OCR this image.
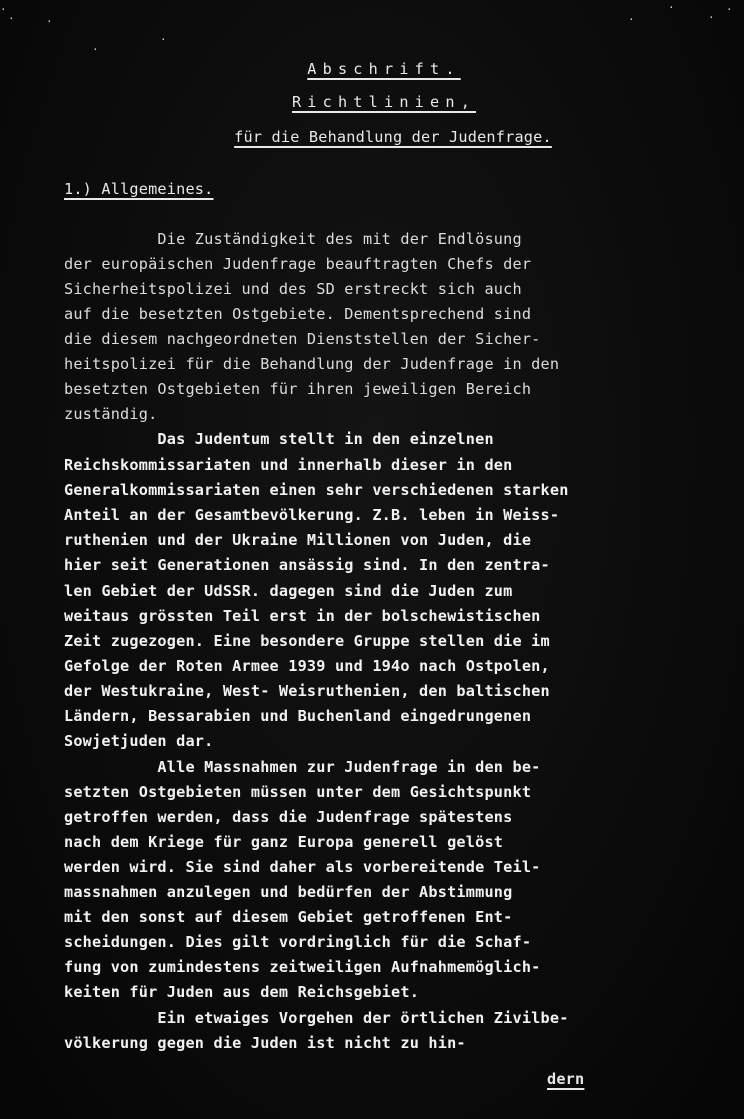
·
·	·
·
·
·
·
·
·
Abschrift.
Richtlinien,
für die Behandlung der Judenfrage.
1.) Allgemeines.
Die Zuständigkeit des mit der Endlösung
der europäischen Judenfrage beauftragten Chefs der
Sicherheitspolizei und des SD erstreckt sich auch
auf die besetzten Ostgebiete. Dementsprechend sind
die diesem nachgeordneten Dienststellen der Sicher-
heitspolizei für die Behandlung der Judenfrage in den
besetzten Ostgebieten für ihren jeweiligen Bereich
zuständig.
Das Judentum stellt in den einzelnen
Reichskommissariaten und innerhalb dieser in den
Generalkommissariaten einen sehr verschiedenen starken
Anteil an der Gesamtbevölkerung. Z.B. leben in Weiss-
ruthenien und der Ukraine Millionen von Juden, die
hier seit Generationen ansässig sind. In den zentra-
len Gebiet der UdSSR. dagegen sind die Juden zum
weitaus grössten Teil erst in der bolschewistischen
Zeit zugezogen. Eine besondere Gruppe stellen die im
Gefolge der Roten Armee 1939 und 194o nach Ostpolen,
der Westukraine, West- Weisruthenien, den baltischen
Ländern, Bessarabien und Buchenland eingedrungenen
Sowjetjuden dar.
Alle Massnahmen zur Judenfrage in den be-
setzten Ostgebieten müssen unter dem Gesichtspunkt
getroffen werden, dass die Judenfrage spätestens
nach dem Kriege für ganz Europa generell gelöst
werden wird. Sie sind daher als vorbereitende Teil-
massnahmen anzulegen und bedürfen der Abstimmung
mit den sonst auf diesem Gebiet getroffenen Ent-
scheidungen. Dies gilt vordringlich für die Schaf-
fung von zumindestens zeitweiligen Aufnahmemöglich-
keiten für Juden aus dem Reichsgebiet.
Ein etwaiges Vorgehen der örtlichen Zivilbe-
völkerung gegen die Juden ist nicht zu hin-
dern
